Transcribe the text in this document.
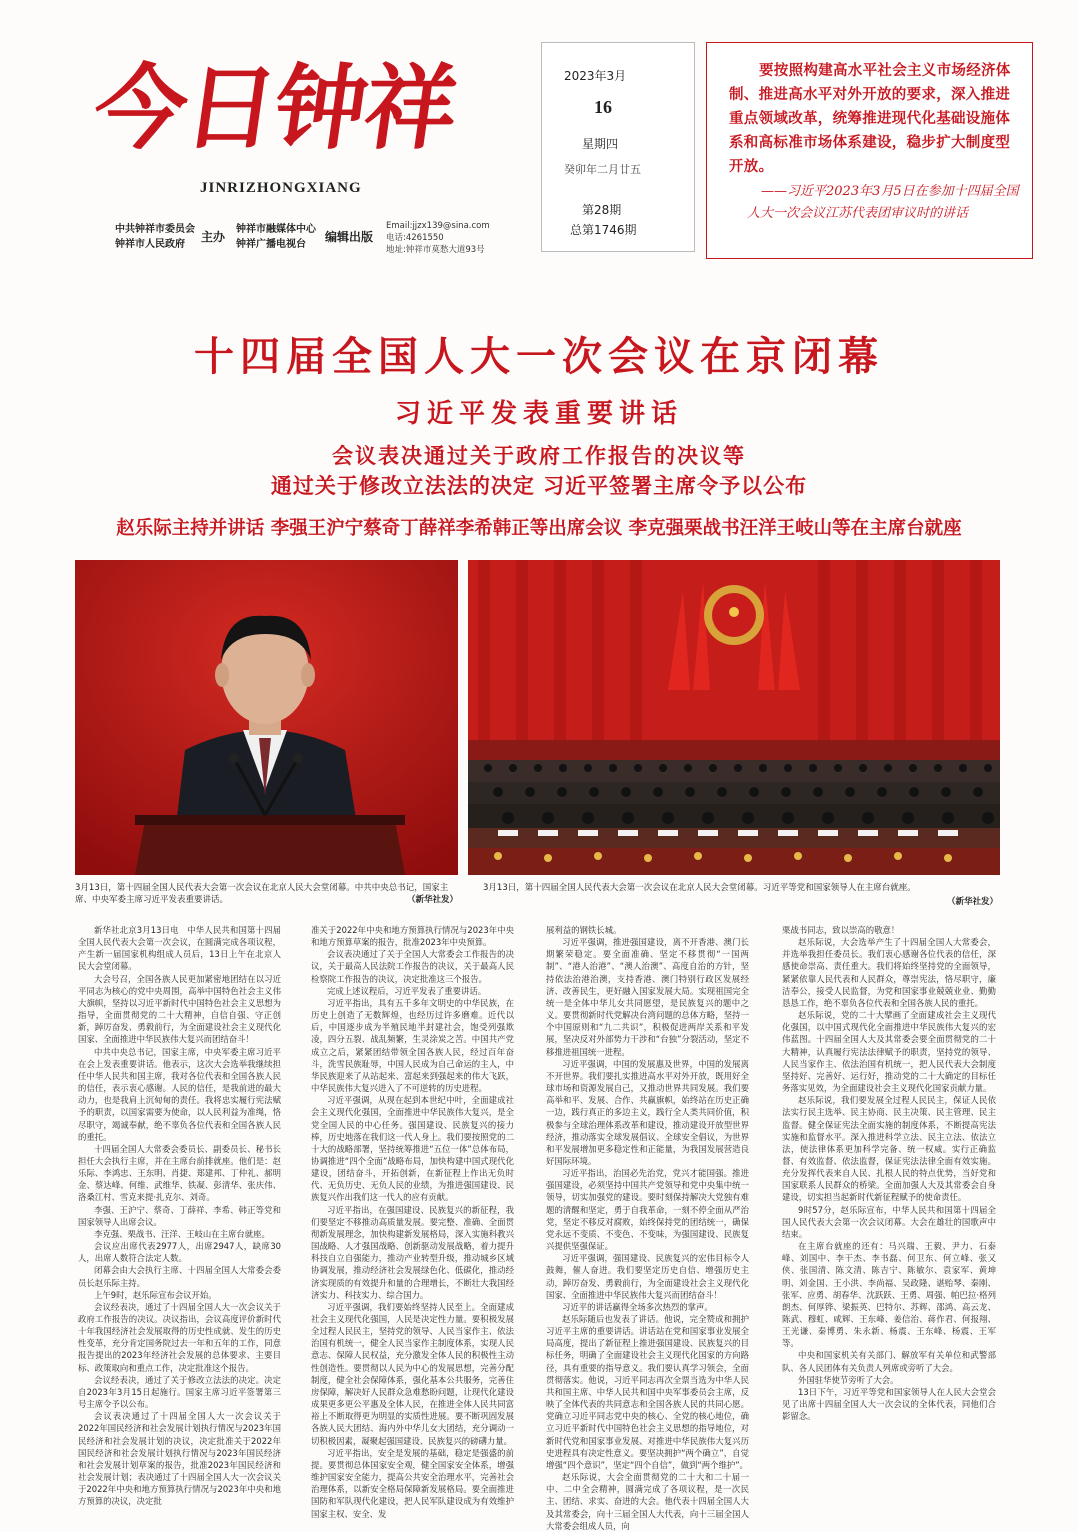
今日钟祥
JINRIZHONGXIANG
中共钟祥市委员会
钟祥市人民政府
主办
钟祥市融媒体中心
钟祥广播电视台
编辑出版
Email:jjzx139@sina.com
电话:4261550
地址:钟祥市莫愁大道93号
2023年3月
16
星期四
癸卯年二月廿五
第28期
总第1746期
要按照构建高水平社会主义市场经济体制、推进高水平对外开放的要求，深入推进重点领域改革，统筹推进现代化基础设施体系和高标准市场体系建设，稳步扩大制度型开放。
——习近平2023年3月5日在参加十四届全国人大一次会议江苏代表团审议时的讲话
十四届全国人大一次会议在京闭幕
习近平发表重要讲话
会议表决通过关于政府工作报告的决议等
通过关于修改立法法的决定 习近平签署主席令予以公布
赵乐际主持并讲话 李强王沪宁蔡奇丁薛祥李希韩正等出席会议 李克强栗战书汪洋王岐山等在主席台就座
3月13日，第十四届全国人民代表大会第一次会议在北京人民大会堂闭幕。中共中央总书记，国家主席、中央军委主席习近平发表重要讲话。	（新华社发）
3月13日，第十四届全国人民代表大会第一次会议在北京人民大会堂闭幕。习近平等党和国家领导人在主席台就座。
（新华社发）

新华社北京3月13日电　中华人民共和国第十四届全国人民代表大会第一次会议，在圆满完成各项议程，产生新一届国家机构组成人员后，13日上午在北京人民大会堂闭幕。

大会号召，全国各族人民更加紧密地团结在以习近平同志为核心的党中央周围，高举中国特色社会主义伟大旗帜，坚持以习近平新时代中国特色社会主义思想为指导，全面贯彻党的二十大精神，自信自强、守正创新，踔厉奋发、勇毅前行，为全面建设社会主义现代化国家、全面推进中华民族伟大复兴而团结奋斗！

中共中央总书记，国家主席，中央军委主席习近平在会上发表重要讲话。他表示，这次大会选举我继续担任中华人民共和国主席，我对各位代表和全国各族人民的信任，表示衷心感谢。人民的信任，是我前进的最大动力，也是我肩上沉甸甸的责任。我将忠实履行宪法赋予的职责，以国家需要为使命，以人民利益为准绳，恪尽职守，竭诚奉献，绝不辜负各位代表和全国各族人民的重托。

十四届全国人大常委会委员长、副委员长、秘书长担任大会执行主席，并在主席台前排就座。他们是：赵乐际、李鸿忠、王东明、肖捷、郑建邦、丁仲礼、郝明金、蔡达峰、何维、武维华、铁凝、彭清华、张庆伟、洛桑江村、雪克来提·扎克尔、刘奇。

李强、王沪宁、蔡奇、丁薛祥、李希、韩正等党和国家领导人出席会议。

李克强、栗战书、汪洋、王岐山在主席台就座。

会议应出席代表2977人，出席2947人，缺席30人，出席人数符合法定人数。

闭幕会由大会执行主席、十四届全国人大常委会委员长赵乐际主持。

上午9时，赵乐际宣布会议开始。

会议经表决，通过了十四届全国人大一次会议关于政府工作报告的决议。决议指出，会议高度评价新时代十年我国经济社会发展取得的历史性成就、发生的历史性变革，充分肯定国务院过去一年和五年的工作，同意报告提出的2023年经济社会发展的总体要求、主要目标、政策取向和重点工作，决定批准这个报告。

会议经表决，通过了关于修改立法法的决定。决定自2023年3月15日起施行。国家主席习近平签署第三号主席令予以公布。

会议表决通过了十四届全国人大一次会议关于2022年国民经济和社会发展计划执行情况与2023年国民经济和社会发展计划的决议，决定批准关于2022年国民经济和社会发展计划执行情况与2023年国民经济和社会发展计划草案的报告，批准2023年国民经济和社会发展计划；表决通过了十四届全国人大一次会议关于2022年中央和地方预算执行情况与2023年中央和地方预算的决议，决定批

准关于2022年中央和地方预算执行情况与2023年中央和地方预算草案的报告，批准2023年中央预算。

会议表决通过了关于全国人大常委会工作报告的决议，关于最高人民法院工作报告的决议，关于最高人民检察院工作报告的决议，决定批准这三个报告。

完成上述议程后，习近平发表了重要讲话。

习近平指出，具有五千多年文明史的中华民族，在历史上创造了无数辉煌，也经历过许多磨难。近代以后，中国逐步成为半殖民地半封建社会，饱受列强欺凌，四分五裂、战乱频繁，生灵涂炭之苦。中国共产党成立之后，紧紧团结带领全国各族人民，经过百年奋斗，洗雪民族耻辱，中国人民成为自己命运的主人，中华民族迎来了从站起来、富起来到强起来的伟大飞跃，中华民族伟大复兴进入了不可逆转的历史进程。

习近平强调，从现在起到本世纪中叶，全面建成社会主义现代化强国，全面推进中华民族伟大复兴，是全党全国人民的中心任务。强国建设、民族复兴的接力棒，历史地落在我们这一代人身上。我们要按照党的二十大的战略部署，坚持统筹推进“五位一体”总体布局，协调推进“四个全面”战略布局，加快构建中国式现代化建设，团结奋斗，开拓创新，在新征程上作出无负时代、无负历史、无负人民的业绩，为推进强国建设、民族复兴作出我们这一代人的应有贡献。

习近平指出，在强国建设、民族复兴的新征程，我们要坚定不移推动高质量发展。要完整、准确、全面贯彻新发展理念，加快构建新发展格局，深入实施科教兴国战略、人才强国战略、创新驱动发展战略，着力提升科技自立自强能力，推动产业转型升级，推动城乡区域协调发展，推动经济社会发展绿色化、低碳化，推动经济实现质的有效提升和量的合理增长，不断壮大我国经济实力、科技实力、综合国力。

习近平强调，我们要始终坚持人民至上。全面建成社会主义现代化强国，人民是决定性力量。要积极发展全过程人民民主，坚持党的领导、人民当家作主、依法治国有机统一，健全人民当家作主制度体系，实现人民意志、保障人民权益，充分激发全体人民的积极性主动性创造性。要贯彻以人民为中心的发展思想，完善分配制度，健全社会保障体系，强化基本公共服务，完善住房保障，解决好人民群众急难愁盼问题，让现代化建设成果更多更公平惠及全体人民，在推进全体人民共同富裕上不断取得更为明显的实质性进展。要不断巩固发展各族人民大团结、海内外中华儿女大团结，充分调动一切积极因素，凝聚起强国建设、民族复兴的磅礴力量。

习近平指出，安全是发展的基础，稳定是强盛的前提。要贯彻总体国家安全观，健全国家安全体系，增强维护国家安全能力，提高公共安全治理水平，完善社会治理体系，以新安全格局保障新发展格局。要全面推进国防和军队现代化建设，把人民军队建设成为有效维护国家主权、安全、发

展利益的钢铁长城。

习近平强调，推进强国建设，离不开香港、澳门长期繁荣稳定。要全面准确、坚定不移贯彻“一国两制”、“港人治港”、“澳人治澳”、高度自治的方针，坚持依法治港治澳，支持香港、澳门特别行政区发展经济、改善民生，更好融入国家发展大局。实现祖国完全统一是全体中华儿女共同愿望，是民族复兴的题中之义。要贯彻新时代党解决台湾问题的总体方略，坚持一个中国原则和“九二共识”，积极促进两岸关系和平发展，坚决反对外部势力干涉和“台独”分裂活动，坚定不移推进祖国统一进程。

习近平强调，中国的发展惠及世界，中国的发展离不开世界。我们要扎实推进高水平对外开放，既用好全球市场和资源发展自己，又推动世界共同发展。我们要高举和平、发展、合作、共赢旗帜，始终站在历史正确一边，践行真正的多边主义，践行全人类共同价值，积极参与全球治理体系改革和建设，推动建设开放型世界经济，推动落实全球发展倡议、全球安全倡议，为世界和平发展增加更多稳定性和正能量，为我国发展营造良好国际环境。

习近平指出，治国必先治党，党兴才能国强。推进强国建设，必须坚持中国共产党领导和党中央集中统一领导，切实加强党的建设。要时刻保持解决大党独有难题的清醒和坚定，勇于自我革命，一刻不停全面从严治党，坚定不移反对腐败，始终保持党的团结统一，确保党永远不变质、不变色、不变味，为强国建设、民族复兴提供坚强保证。

习近平强调，强国建设、民族复兴的宏伟目标令人鼓舞，催人奋进。我们要坚定历史自信、增强历史主动，踔厉奋发、勇毅前行，为全面建设社会主义现代化国家、全面推进中华民族伟大复兴而团结奋斗！

习近平的讲话赢得全场多次热烈的掌声。

赵乐际随后也发表了讲话。他说，完全赞成和拥护习近平主席的重要讲话。讲话站在党和国家事业发展全局高度，提出了新征程上推进强国建设、民族复兴的目标任务，明确了全面建设社会主义现代化国家的方向路径，具有重要的指导意义。我们要认真学习领会，全面贯彻落实。他说，习近平同志再次全票当选为中华人民共和国主席、中华人民共和国中央军事委员会主席，反映了全体代表的共同意志和全国各族人民的共同心愿。党确立习近平同志党中央的核心、全党的核心地位，确立习近平新时代中国特色社会主义思想的指导地位，对新时代党和国家事业发展、对推进中华民族伟大复兴历史进程具有决定性意义。要坚决拥护“两个确立”，自觉增强“四个意识”，坚定“四个自信”，做到“两个维护”。

赵乐际说，大会全面贯彻党的二十大和二十届一中、二中全会精神，圆满完成了各项议程，是一次民主、团结、求实、奋进的大会。他代表十四届全国人大及其常委会，向十三届全国人大代表，向十三届全国人大常委会组成人员，向

栗战书同志，致以崇高的敬意！

赵乐际说，大会选举产生了十四届全国人大常委会，并选举我担任委员长。我们衷心感谢各位代表的信任，深感使命崇高、责任重大。我们将始终坚持党的全面领导，紧紧依靠人民代表和人民群众，尊崇宪法，恪尽职守，廉洁奉公，接受人民监督，为党和国家事业兢兢业业、勤勤恳恳工作，绝不辜负各位代表和全国各族人民的重托。

赵乐际说，党的二十大擘画了全面建成社会主义现代化强国，以中国式现代化全面推进中华民族伟大复兴的宏伟蓝图。十四届全国人大及其常委会要全面贯彻党的二十大精神，认真履行宪法法律赋予的职责，坚持党的领导、人民当家作主、依法治国有机统一，把人民代表大会制度坚持好、完善好、运行好，推动党的二十大确定的目标任务落实见效，为全面建设社会主义现代化国家贡献力量。

赵乐际说，我们要发展全过程人民民主，保证人民依法实行民主选举、民主协商、民主决策、民主管理、民主监督。健全保证宪法全面实施的制度体系，不断提高宪法实施和监督水平。深入推进科学立法、民主立法、依法立法，使法律体系更加科学完备、统一权威。实行正确监督、有效监督、依法监督，保证宪法法律全面有效实施。充分发挥代表来自人民、扎根人民的特点优势，当好党和国家联系人民群众的桥梁。全面加强人大及其常委会自身建设，切实担当起新时代新征程赋予的使命责任。

9时57分，赵乐际宣布，中华人民共和国第十四届全国人民代表大会第一次会议闭幕。大会在雄壮的国歌声中结束。

在主席台就座的还有：马兴瑞、王毅、尹力、石泰峰、刘国中、李干杰、李书磊、何卫东、何立峰、张又侠、张国清、陈文清、陈吉宁、陈敏尔、袁家军、黄坤明、刘金国、王小洪、李尚福、吴政隆、谌贻琴、秦刚、张军、应勇、胡春华、沈跃跃、王勇、周强、帕巴拉·格列朗杰、何厚铧、梁振英、巴特尔、苏辉、邵鸿、高云龙、陈武、穆虹、咸辉、王东峰、姜信治、蒋作君、何报翔、王光谦、秦博勇、朱永新、杨震、王东峰、杨震、王军等。

中央和国家机关有关部门、解放军有关单位和武警部队、各人民团体有关负责人列席或旁听了大会。

外国驻华使节旁听了大会。

13日下午，习近平等党和国家领导人在人民大会堂会见了出席十四届全国人大一次会议的全体代表，同他们合影留念。
